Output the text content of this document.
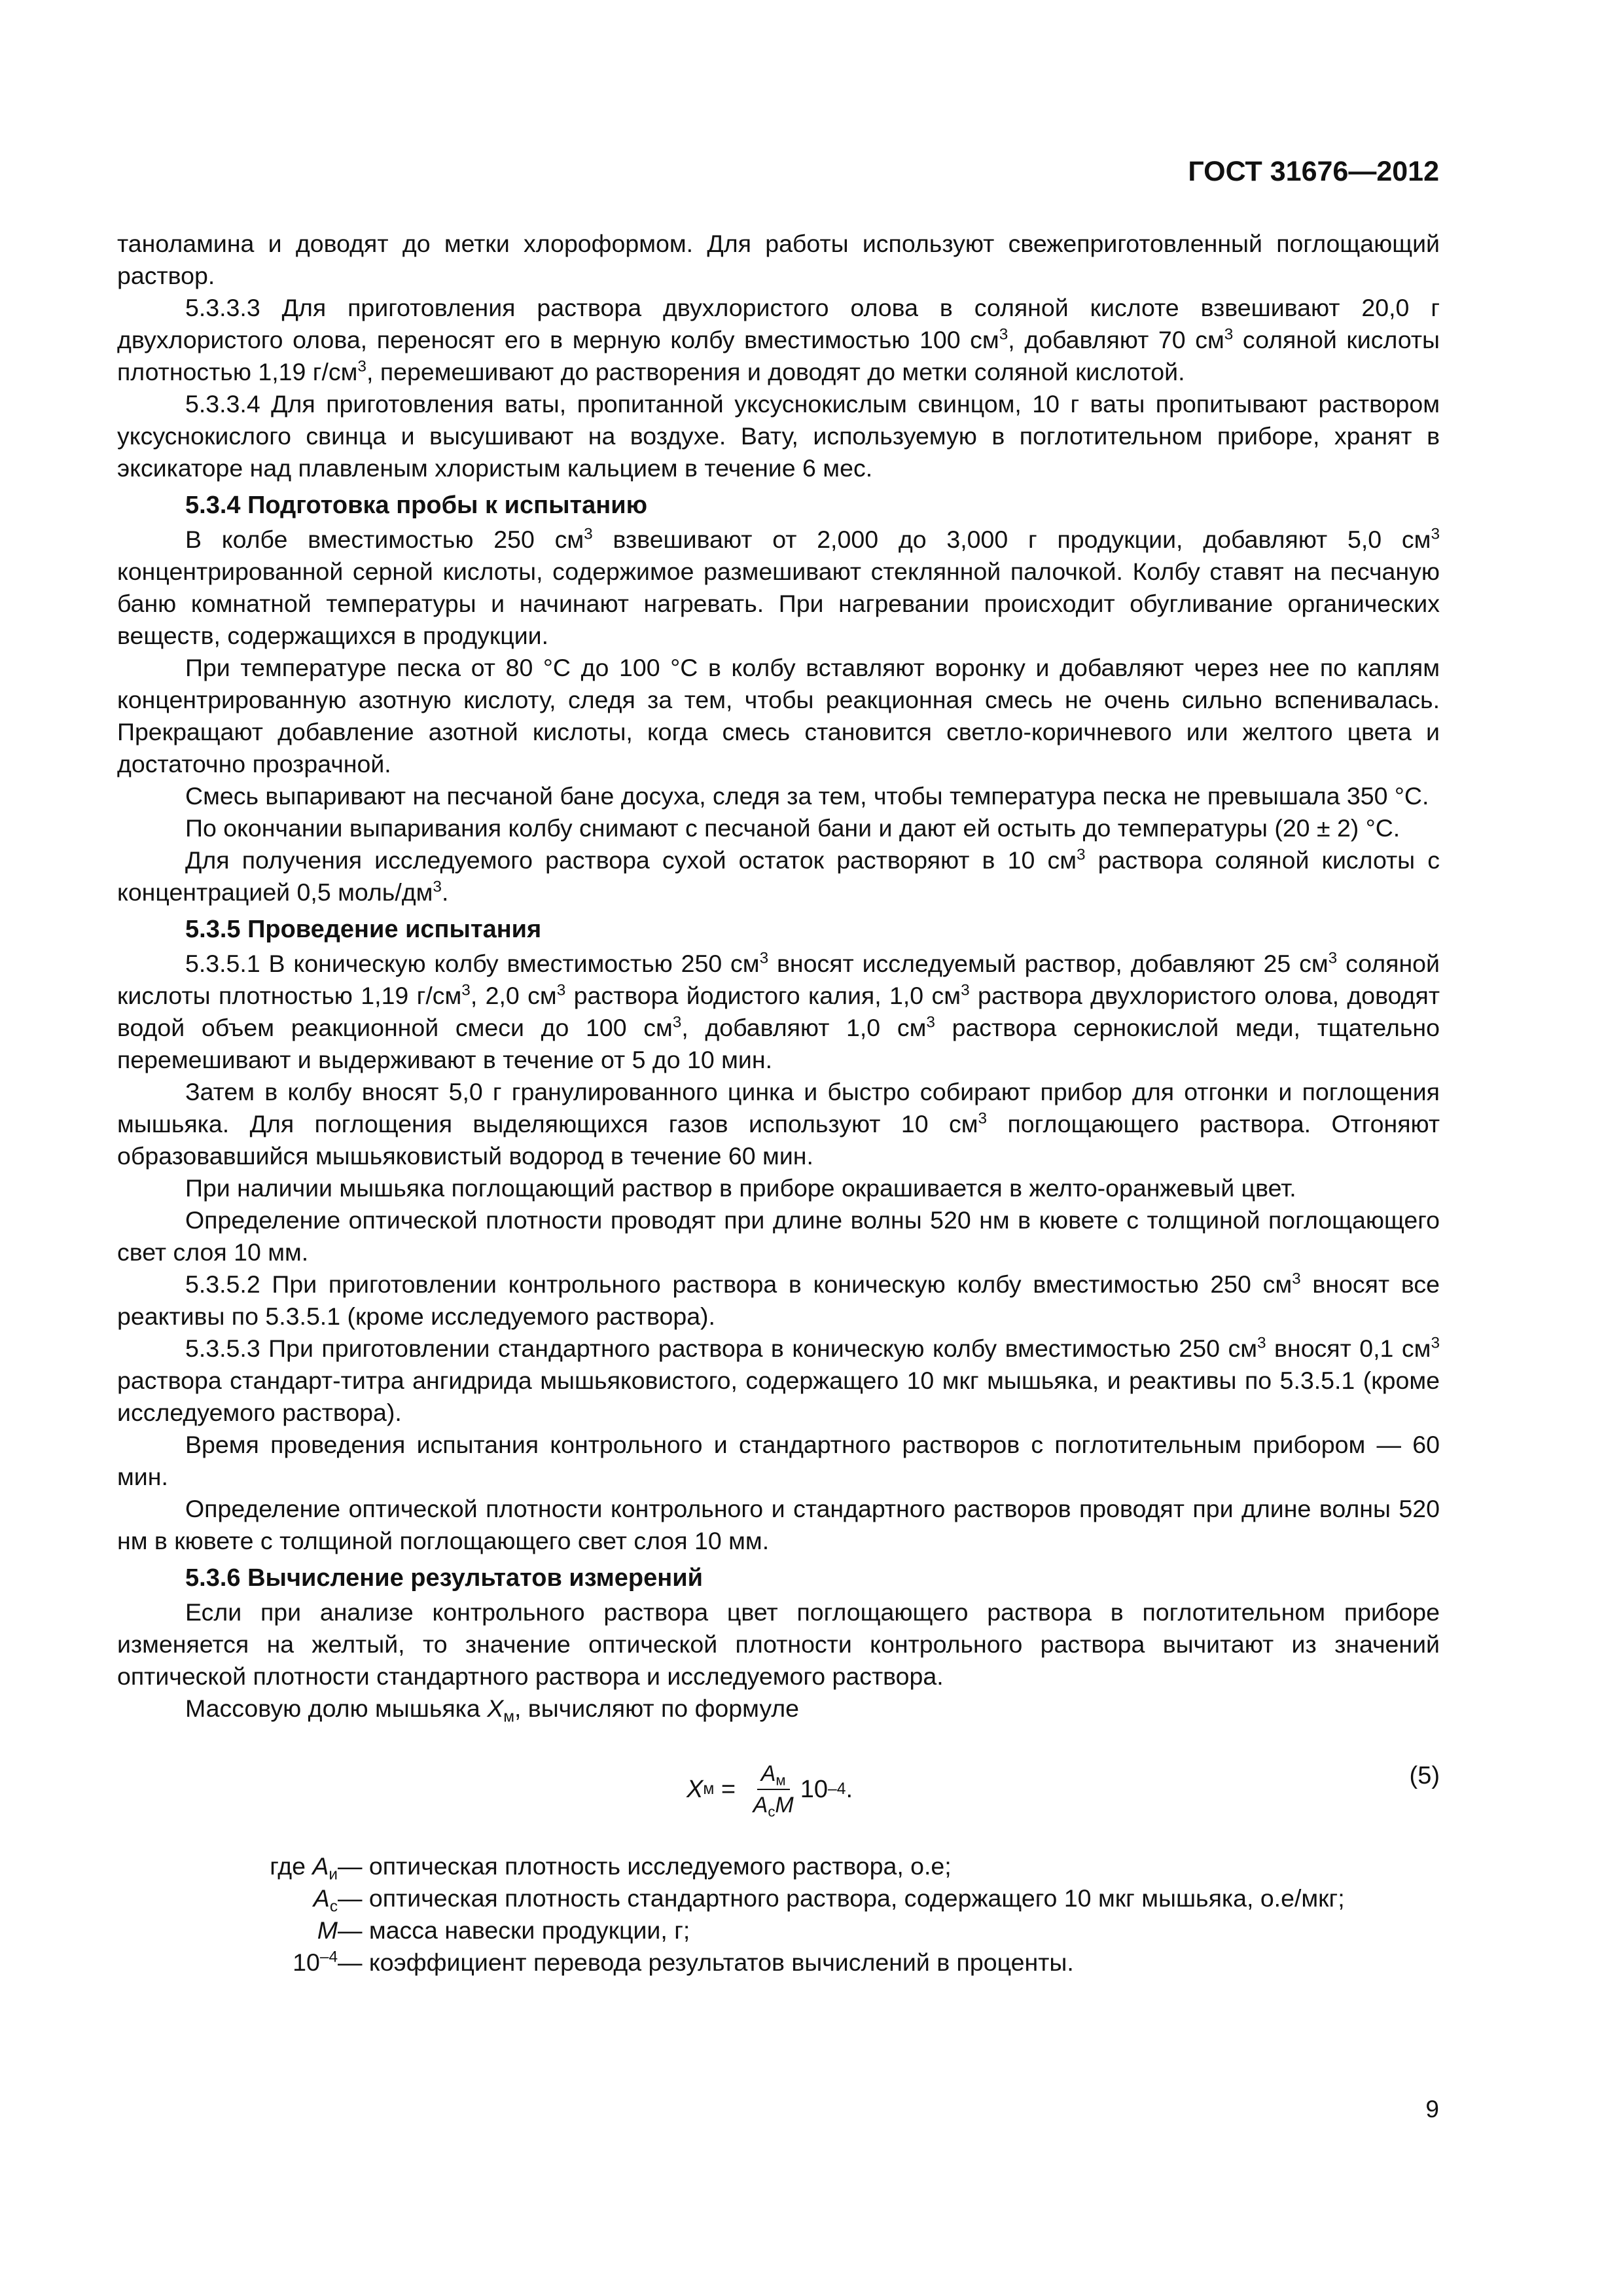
ГОСТ 31676—2012

таноламина и доводят до метки хлороформом. Для работы используют свежеприготовленный поглощающий раствор.

5.3.3.3 Для приготовления раствора двухлористого олова в соляной кислоте взвешивают 20,0 г двухлористого олова, переносят его в мерную колбу вместимостью 100 $см^3$, добавляют 70 $см^3$ соляной кислоты плотностью 1,19 $г/см^3$, перемешивают до растворения и доводят до метки соляной кислотой.

5.3.3.4 Для приготовления ваты, пропитанной уксуснокислым свинцом, 10 г ваты пропитывают раствором уксуснокислого свинца и высушивают на воздухе. Вату, используемую в поглотительном приборе, хранят в эксикаторе над плавленым хлористым кальцием в течение 6 мес.

5.3.4 Подготовка пробы к испытанию

В колбе вместимостью 250 $см^3$ взвешивают от 2,000 до 3,000 г продукции, добавляют 5,0 $см^3$ концентрированной серной кислоты, содержимое размешивают стеклянной палочкой. Колбу ставят на песчаную баню комнатной температуры и начинают нагревать. При нагревании происходит обугливание органических веществ, содержащихся в продукции.

При температуре песка от 80 °С до 100 °С в колбу вставляют воронку и добавляют через нее по каплям концентрированную азотную кислоту, следя за тем, чтобы реакционная смесь не очень сильно вспенивалась. Прекращают добавление азотной кислоты, когда смесь становится светло-коричневого или желтого цвета и достаточно прозрачной.

Смесь выпаривают на песчаной бане досуха, следя за тем, чтобы температура песка не превышала 350 °С.

По окончании выпаривания колбу снимают с песчаной бани и дают ей остыть до температуры (20 ± 2) °С.

Для получения исследуемого раствора сухой остаток растворяют в 10 $см^3$ раствора соляной кислоты с концентрацией 0,5 моль/$дм^3$.

5.3.5 Проведение испытания

5.3.5.1 В коническую колбу вместимостью 250 $см^3$ вносят исследуемый раствор, добавляют 25 $см^3$ соляной кислоты плотностью 1,19 $г/см^3$, 2,0 $см^3$ раствора йодистого калия, 1,0 $см^3$ раствора двухлористого олова, доводят водой объем реакционной смеси до 100 $см^3$, добавляют 1,0 $см^3$ раствора сернокислой меди, тщательно перемешивают и выдерживают в течение от 5 до 10 мин.

Затем в колбу вносят 5,0 г гранулированного цинка и быстро собирают прибор для отгонки и поглощения мышьяка. Для поглощения выделяющихся газов используют 10 $см^3$ поглощающего раствора. Отгоняют образовавшийся мышьяковистый водород в течение 60 мин.

При наличии мышьяка поглощающий раствор в приборе окрашивается в желто-оранжевый цвет.

Определение оптической плотности проводят при длине волны 520 нм в кювете с толщиной поглощающего свет слоя 10 мм.

5.3.5.2 При приготовлении контрольного раствора в коническую колбу вместимостью 250 $см^3$ вносят все реактивы по 5.3.5.1 (кроме исследуемого раствора).

5.3.5.3 При приготовлении стандартного раствора в коническую колбу вместимостью 250 $см^3$ вносят 0,1 $см^3$ раствора стандарт-титра ангидрида мышьяковистого, содержащего 10 мкг мышьяка, и реактивы по 5.3.5.1 (кроме исследуемого раствора).

Время проведения испытания контрольного и стандартного растворов с поглотительным прибором — 60 мин.

Определение оптической плотности контрольного и стандартного растворов проводят при длине волны 520 нм в кювете с толщиной поглощающего свет слоя 10 мм.

5.3.6 Вычисление результатов измерений

Если при анализе контрольного раствора цвет поглощающего раствора в поглотительном приборе изменяется на желтый, то значение оптической плотности контрольного раствора вычитают из значений оптической плотности стандартного раствора и исследуемого раствора.

Массовую долю мышьяка $X_м$, вычисляют по формуле

X $м = \frac{A_м}{A_сM} 10$ –4 .	(5)
где $A_и$ — оптическая плотность исследуемого раствора, о.е;
$A_с$ — оптическая плотность стандартного раствора, содержащего 10 мкг мышьяка, о.е/мкг;
M — масса навески продукции, г;
$10^{-4}$ — коэффициент перевода результатов вычислений в проценты.
9
